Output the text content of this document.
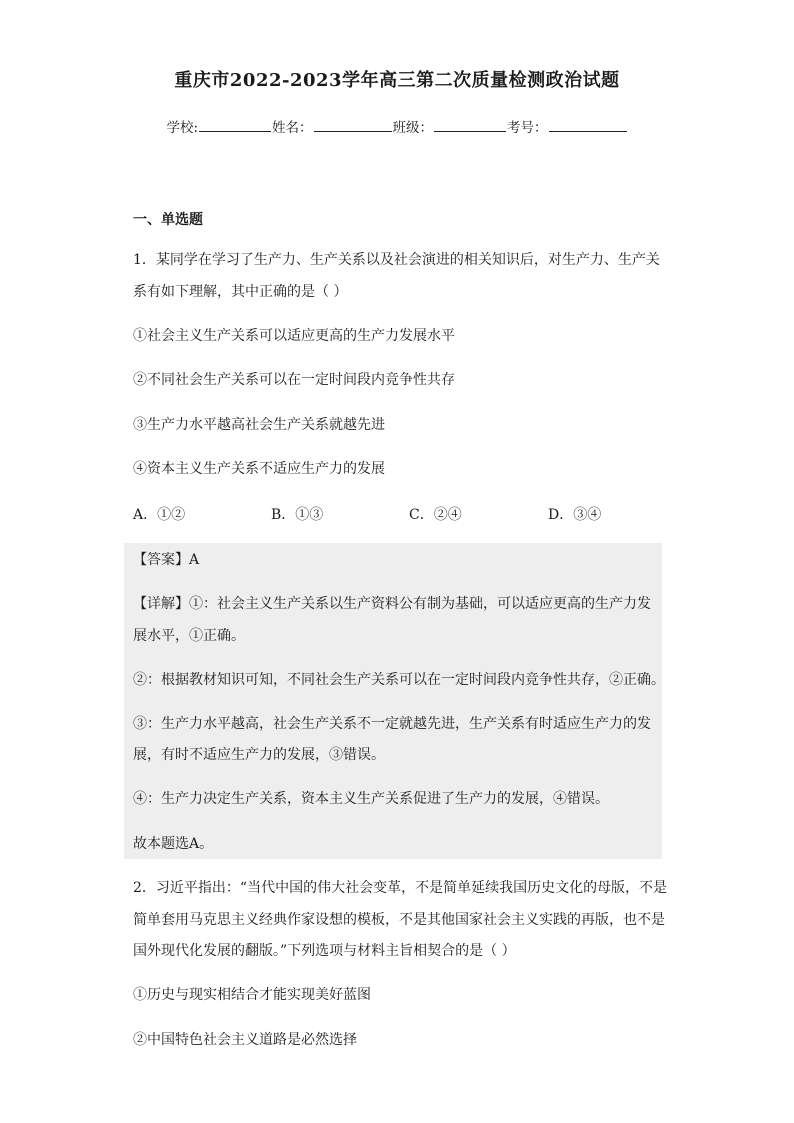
重庆市2022-2023学年高三第二次质量检测政治试题
学校:	姓名：	班级：	考号：
一、单选题
1．某同学在学习了生产力、生产关系以及社会演进的相关知识后，对生产力、生产关
系有如下理解，其中正确的是（ ）
①社会主义生产关系可以适应更高的生产力发展水平
②不同社会生产关系可以在一定时间段内竞争性共存
③生产力水平越高社会生产关系就越先进
④资本主义生产关系不适应生产力的发展
A．①②	B．①③	C．②④	D．③④
【答案】A
【详解】①：社会主义生产关系以生产资料公有制为基础，可以适应更高的生产力发
展水平，①正确。
②：根据教材知识可知，不同社会生产关系可以在一定时间段内竞争性共存，②正确。
③：生产力水平越高，社会生产关系不一定就越先进，生产关系有时适应生产力的发
展，有时不适应生产力的发展，③错误。
④：生产力决定生产关系，资本主义生产关系促进了生产力的发展，④错误。
故本题选A。
2．习近平指出：“当代中国的伟大社会变革，不是简单延续我国历史文化的母版，不是
简单套用马克思主义经典作家设想的模板，不是其他国家社会主义实践的再版，也不是
国外现代化发展的翻版。”下列选项与材料主旨相契合的是（ ）
①历史与现实相结合才能实现美好蓝图
②中国特色社会主义道路是必然选择
